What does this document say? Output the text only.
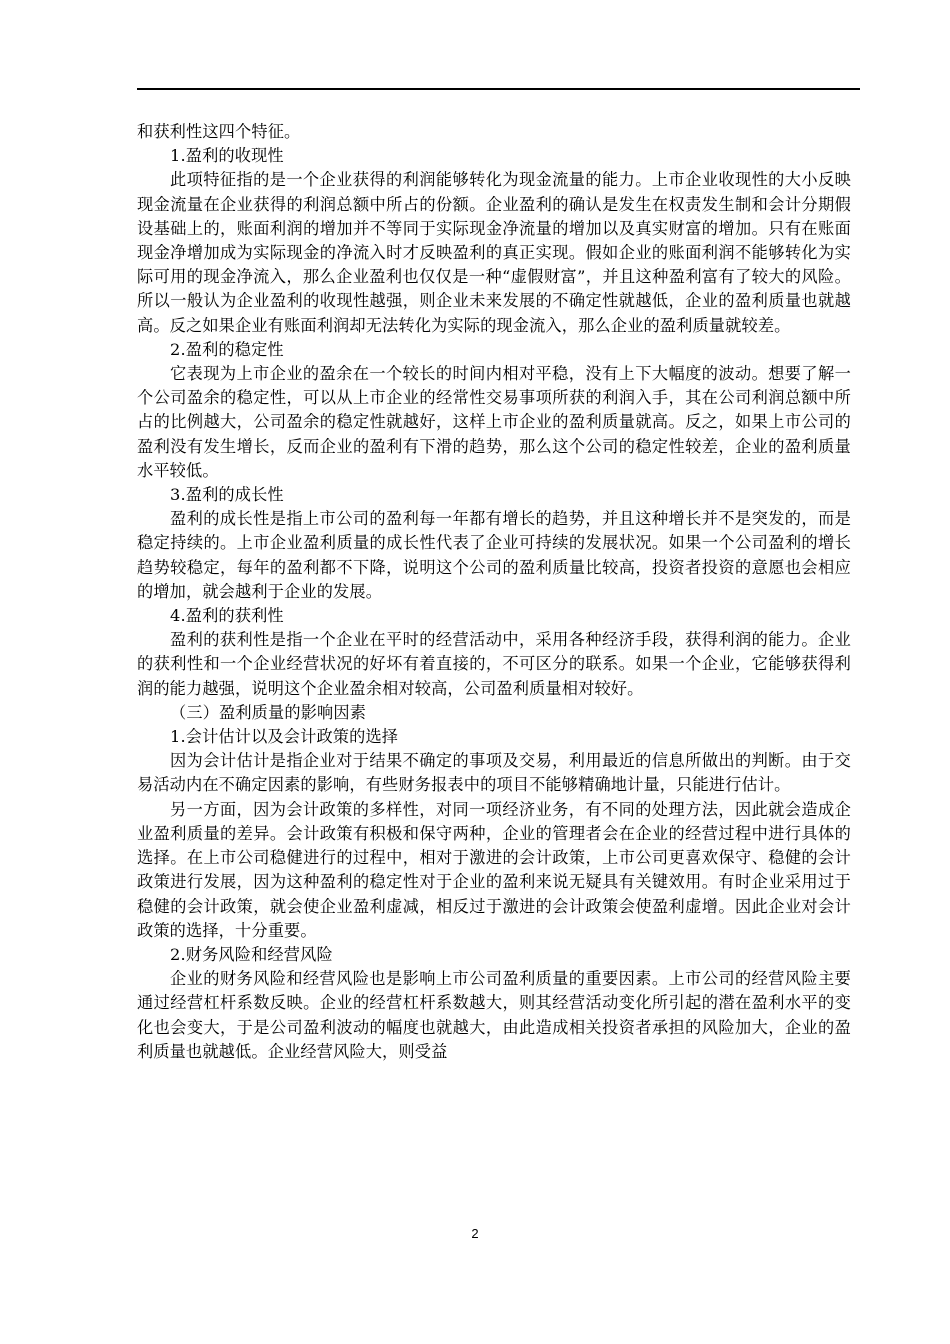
和获利性这四个特征。

1.盈利的收现性

此项特征指的是一个企业获得的利润能够转化为现金流量的能力。上市企业收现性的大小反映现金流量在企业获得的利润总额中所占的份额。企业盈利的确认是发生在权责发生制和会计分期假设基础上的，账面利润的增加并不等同于实际现金净流量的增加以及真实财富的增加。只有在账面现金净增加成为实际现金的净流入时才反映盈利的真正实现。假如企业的账面利润不能够转化为实际可用的现金净流入，那么企业盈利也仅仅是一种“虚假财富”，并且这种盈利富有了较大的风险。所以一般认为企业盈利的收现性越强，则企业未来发展的不确定性就越低，企业的盈利质量也就越高。反之如果企业有账面利润却无法转化为实际的现金流入，那么企业的盈利质量就较差。

2.盈利的稳定性

它表现为上市企业的盈余在一个较长的时间内相对平稳，没有上下大幅度的波动。想要了解一个公司盈余的稳定性，可以从上市企业的经常性交易事项所获的利润入手，其在公司利润总额中所占的比例越大，公司盈余的稳定性就越好，这样上市企业的盈利质量就高。反之，如果上市公司的盈利没有发生增长，反而企业的盈利有下滑的趋势，那么这个公司的稳定性较差，企业的盈利质量水平较低。

3.盈利的成长性

盈利的成长性是指上市公司的盈利每一年都有增长的趋势，并且这种增长并不是突发的，而是稳定持续的。上市企业盈利质量的成长性代表了企业可持续的发展状况。如果一个公司盈利的增长趋势较稳定，每年的盈利都不下降，说明这个公司的盈利质量比较高，投资者投资的意愿也会相应的增加，就会越利于企业的发展。

4.盈利的获利性

盈利的获利性是指一个企业在平时的经营活动中，采用各种经济手段，获得利润的能力。企业的获利性和一个企业经营状况的好坏有着直接的，不可区分的联系。如果一个企业，它能够获得利润的能力越强，说明这个企业盈余相对较高，公司盈利质量相对较好。

（三）盈利质量的影响因素

1.会计估计以及会计政策的选择

因为会计估计是指企业对于结果不确定的事项及交易，利用最近的信息所做出的判断。由于交易活动内在不确定因素的影响，有些财务报表中的项目不能够精确地计量，只能进行估计。

另一方面，因为会计政策的多样性，对同一项经济业务，有不同的处理方法，因此就会造成企业盈利质量的差异。会计政策有积极和保守两种，企业的管理者会在企业的经营过程中进行具体的选择。在上市公司稳健进行的过程中，相对于激进的会计政策，上市公司更喜欢保守、稳健的会计政策进行发展，因为这种盈利的稳定性对于企业的盈利来说无疑具有关键效用。有时企业采用过于稳健的会计政策，就会使企业盈利虚减，相反过于激进的会计政策会使盈利虚增。因此企业对会计政策的选择，十分重要。

2.财务风险和经营风险

企业的财务风险和经营风险也是影响上市公司盈利质量的重要因素。上市公司的经营风险主要通过经营杠杆系数反映。企业的经营杠杆系数越大，则其经营活动变化所引起的潜在盈利水平的变化也会变大，于是公司盈利波动的幅度也就越大，由此造成相关投资者承担的风险加大，企业的盈利质量也就越低。企业经营风险大，则受益

2
